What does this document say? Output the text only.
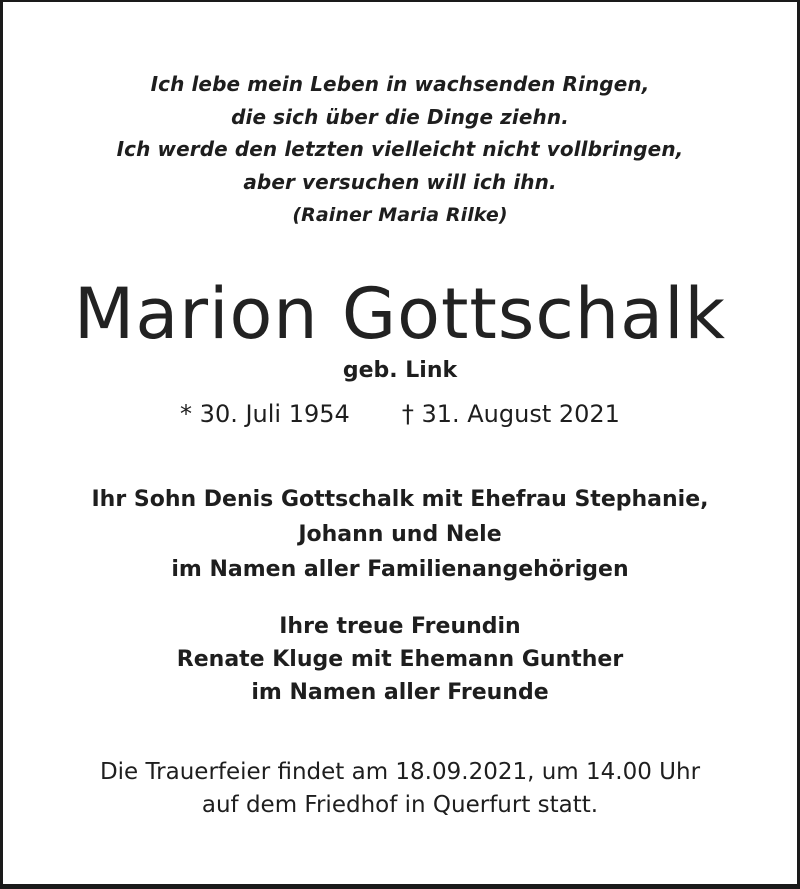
Ich lebe mein Leben in wachsenden Ringen,
die sich über die Dinge ziehn.
Ich werde den letzten vielleicht nicht vollbringen,
aber versuchen will ich ihn.
(Rainer Maria Rilke)
Marion Gottschalk
geb. Link
* 30. Juli 1954 † 31. August 2021
Ihr Sohn Denis Gottschalk mit Ehefrau Stephanie,
Johann und Nele
im Namen aller Familienangehörigen
Ihre treue Freundin
Renate Kluge mit Ehemann Gunther
im Namen aller Freunde
Die Trauerfeier findet am 18.09.2021, um 14.00 Uhr
auf dem Friedhof in Querfurt statt.
